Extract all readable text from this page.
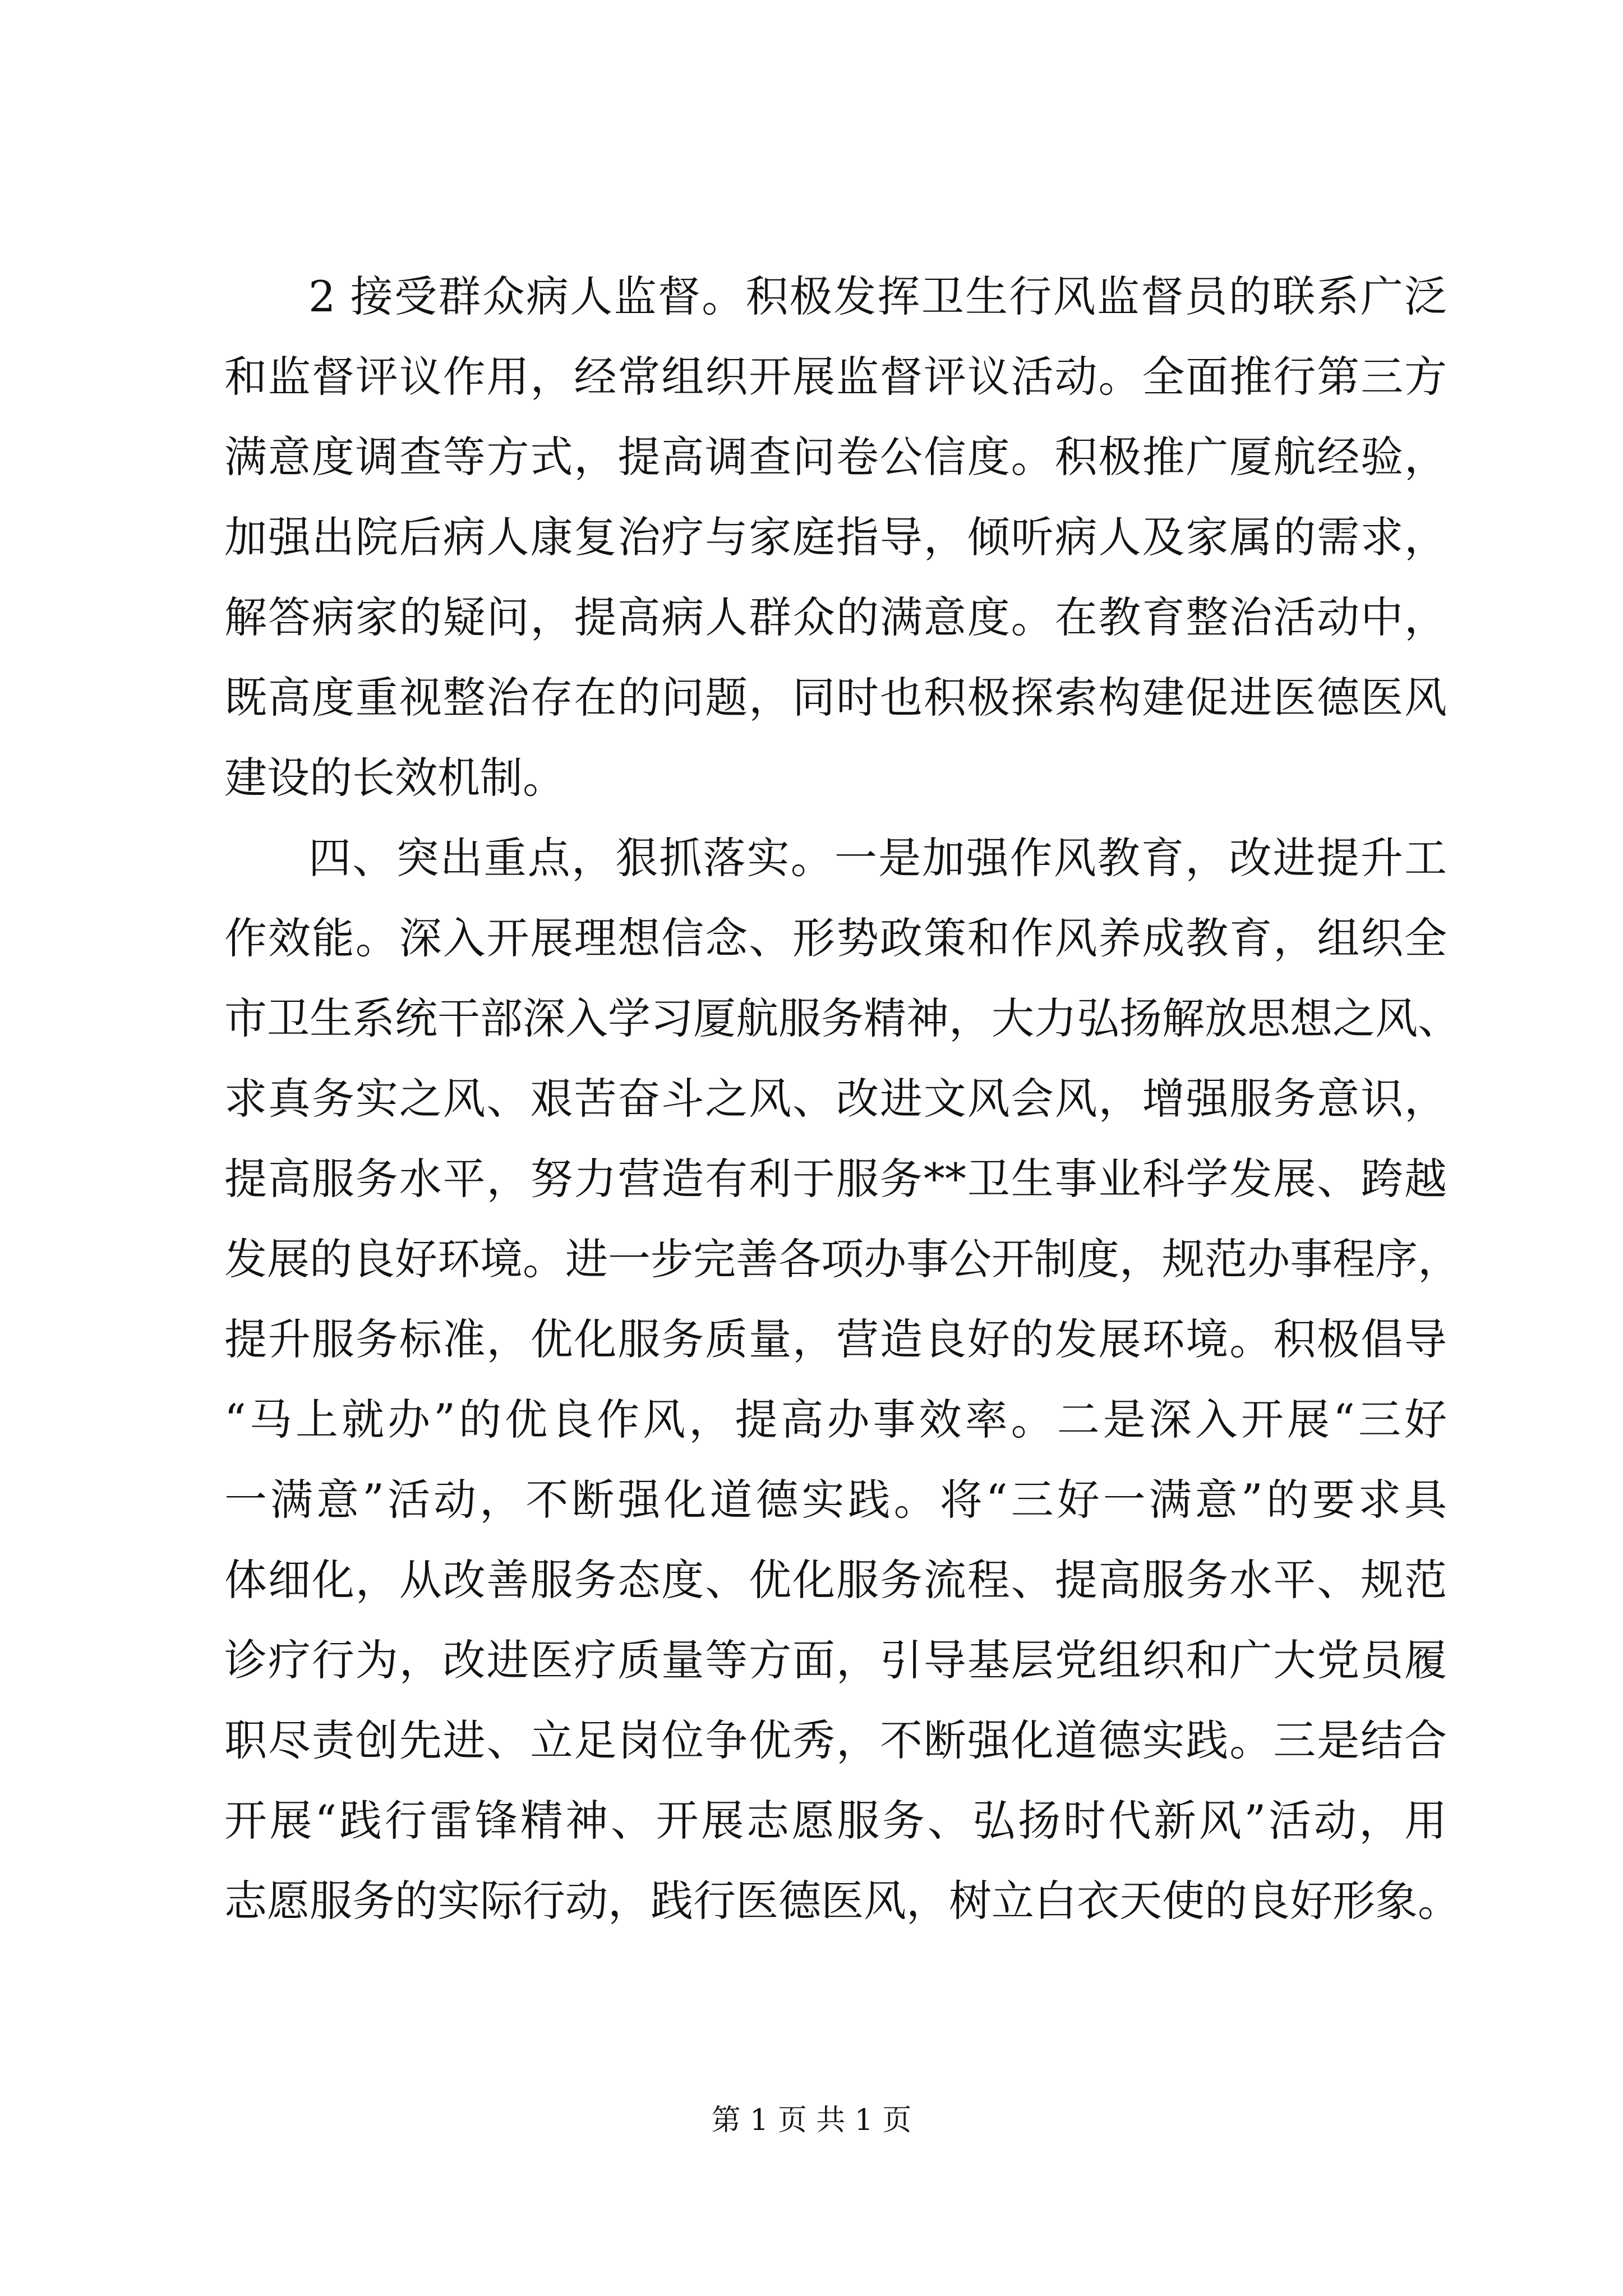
2 接受群众病人监督。积极发挥卫生行风监督员的联系广泛
和监督评议作用，经常组织开展监督评议活动。全面推行第三方
满意度调查等方式，提高调查问卷公信度。积极推广厦航经验，
加强出院后病人康复治疗与家庭指导，倾听病人及家属的需求，
解答病家的疑问，提高病人群众的满意度。在教育整治活动中，
既高度重视整治存在的问题，同时也积极探索构建促进医德医风
建设的长效机制。
四、突出重点，狠抓落实。一是加强作风教育，改进提升工
作效能。深入开展理想信念、形势政策和作风养成教育，组织全
市卫生系统干部深入学习厦航服务精神，大力弘扬解放思想之风、
求真务实之风、艰苦奋斗之风、改进文风会风，增强服务意识，
提高服务水平，努力营造有利于服务**卫生事业科学发展、跨越
发展的良好环境。进一步完善各项办事公开制度，规范办事程序，
提升服务标准，优化服务质量，营造良好的发展环境。积极倡导
“马上就办”的优良作风，提高办事效率。二是深入开展“三好
一满意”活动，不断强化道德实践。将“三好一满意”的要求具
体细化，从改善服务态度、优化服务流程、提高服务水平、规范
诊疗行为，改进医疗质量等方面，引导基层党组织和广大党员履
职尽责创先进、立足岗位争优秀，不断强化道德实践。三是结合
开展“践行雷锋精神、开展志愿服务、弘扬时代新风”活动，用
志愿服务的实际行动，践行医德医风，树立白衣天使的良好形象。
第 1 页 共 1 页
